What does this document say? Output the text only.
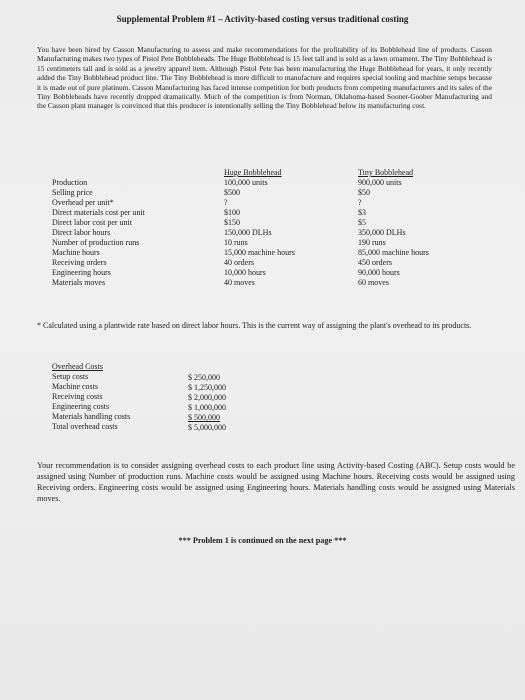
Supplemental Problem #1 – Activity-based costing versus traditional costing

You have been hired by Casson Manufacturing to assess and make recommendations for the profitability of its Bobblehead line of products. Casson Manufacturing makes two types of Pistol Pete Bobbleheads. The Huge Bobblehead is 15 feet tall and is sold as a lawn ornament. The Tiny Bobblehead is 15 centimeters tall and is sold as a jewelry apparel item. Although Pistol Pete has been manufacturing the Huge Bobblehead for years, it only recently added the Tiny Bobblehead product line. The Tiny Bobblehead is more difficult to manufacture and requires special tooling and machine setups because it is made out of pure platinum. Casson Manufacturing has faced intense competition for both products from competing manufacturers and its sales of the Tiny Bobbleheads have recently dropped dramatically. Much of the competition is from Norman, Oklahoma-based Sooner-Goober Manufacturing and the Casson plant manager is convinced that this producer is intentionally selling the Tiny Bobblehead below its manufacturing cost.

Production
Selling price
Overhead per unit*
Direct materials cost per unit
Direct labor cost per unit
Direct labor hours
Number of production runs
Machine hours
Receiving orders
Engineering hours
Materials moves
Huge Bobblehead
100,000 units
$500
?
$100
$150
150,000 DLHs
10 runs
15,000 machine hours
40 orders
10,000 hours
40 moves
Tiny Bobblehead
900,000 units
$50
?
$3
$5
350,000 DLHs
190 runs
85,000 machine hours
450 orders
90,000 hours
60 moves

* Calculated using a plantwide rate based on direct labor hours. This is the current way of assigning the plant's overhead to its products.

Overhead Costs
Setup costs
Machine costs
Receiving costs
Engineering costs
Materials handling costs
Total overhead costs
$ 250,000
$ 1,250,000
$ 2,000,000
$ 1,000,000
$ 500,000
$ 5,000,000

Your recommendation is to consider assigning overhead costs to each product line using Activity-based Costing (ABC). Setup costs would be assigned using Number of production runs. Machine costs would be assigned using Machine hours. Receiving costs would be assigned using Receiving orders. Engineering costs would be assigned using Engineering hours. Materials handling costs would be assigned using Materials moves.

*** Problem 1 is continued on the next page ***
